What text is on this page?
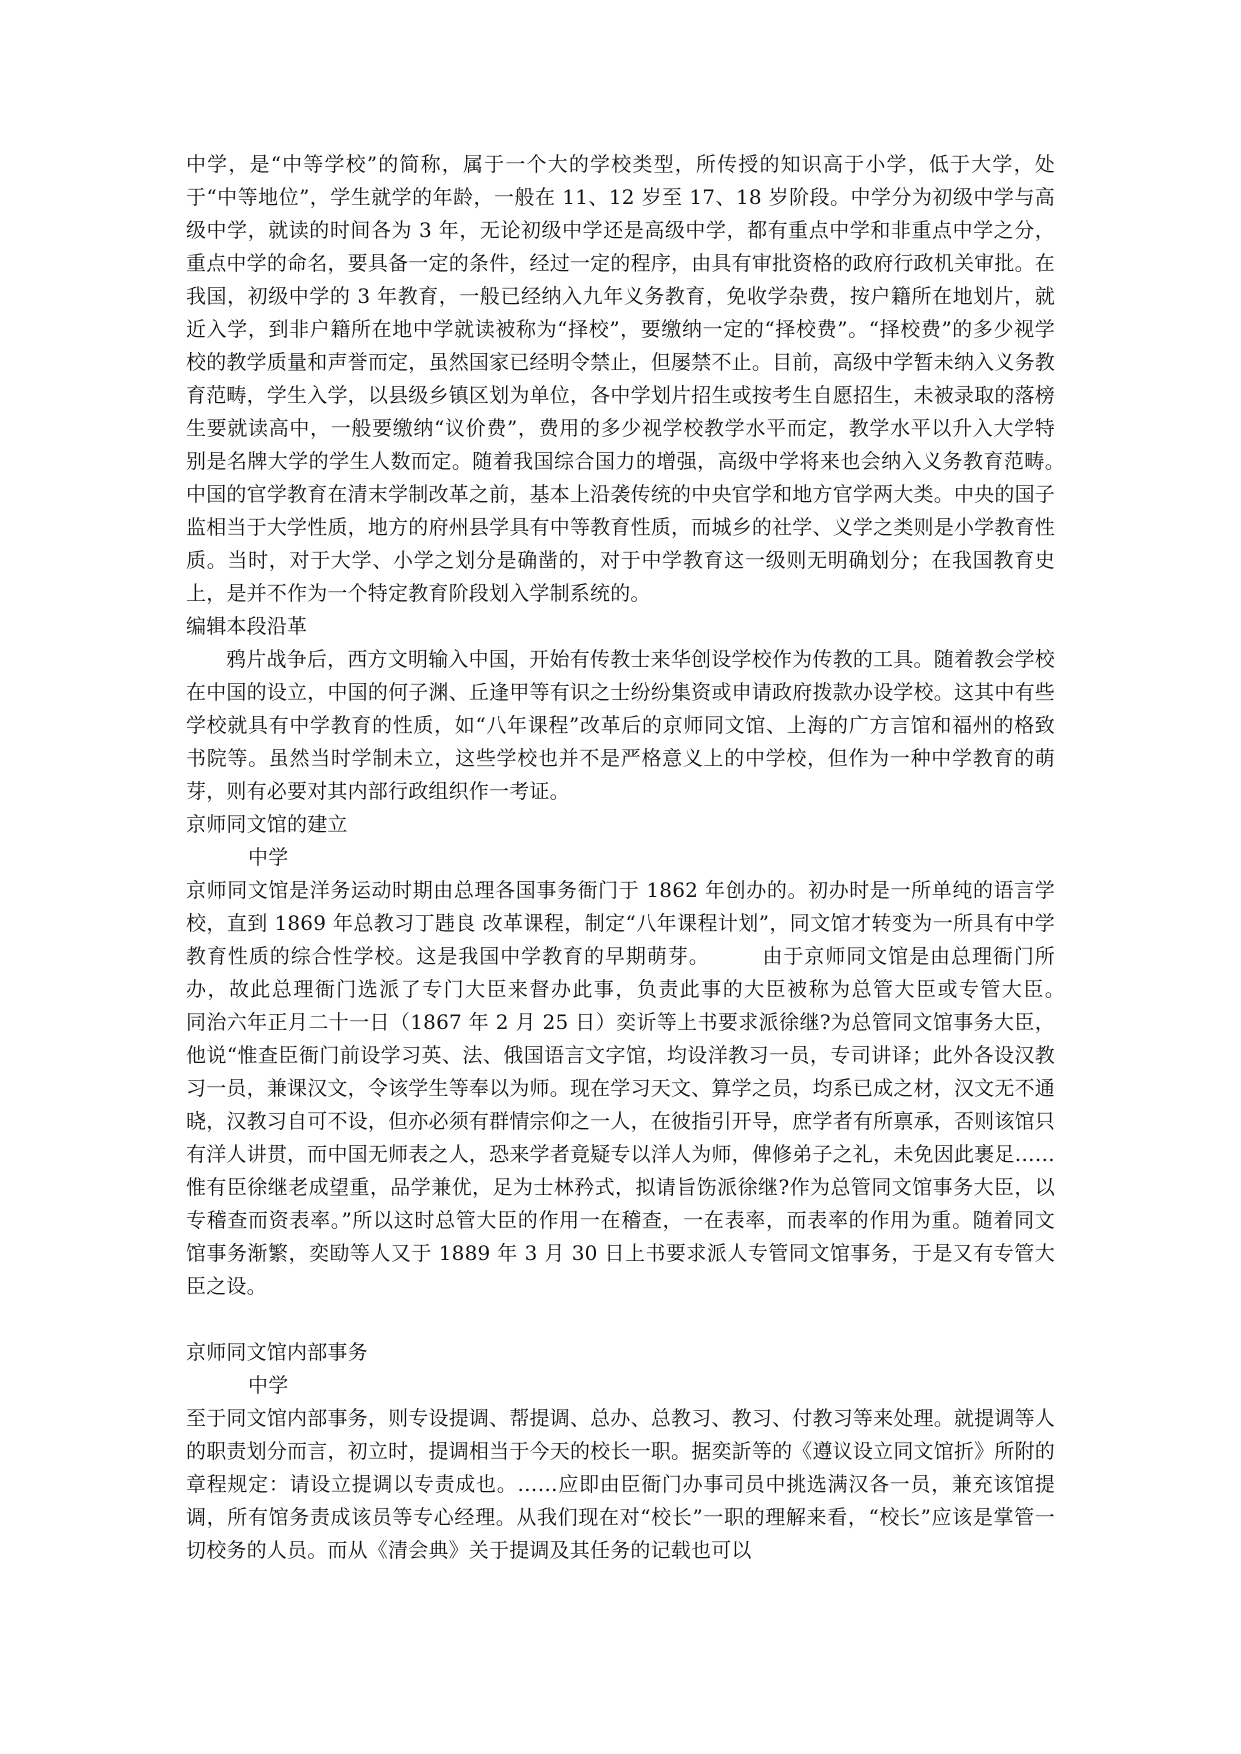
中学，是“中等学校”的简称，属于一个大的学校类型，所传授的知识高于小学，低于大学，处于“中等地位”，学生就学的年龄，一般在 11、12 岁至 17、18 岁阶段。中学分为初级中学与高级中学，就读的时间各为 3 年，无论初级中学还是高级中学，都有重点中学和非重点中学之分，重点中学的命名，要具备一定的条件，经过一定的程序，由具有审批资格的政府行政机关审批。在我国，初级中学的 3 年教育，一般已经纳入九年义务教育，免收学杂费，按户籍所在地划片，就近入学，到非户籍所在地中学就读被称为“择校”，要缴纳一定的“择校费”。“择校费”的多少视学校的教学质量和声誉而定，虽然国家已经明令禁止，但屡禁不止。目前，高级中学暂未纳入义务教育范畴，学生入学，以县级乡镇区划为单位，各中学划片招生或按考生自愿招生，未被录取的落榜生要就读高中，一般要缴纳“议价费”，费用的多少视学校教学水平而定，教学水平以升入大学特别是名牌大学的学生人数而定。随着我国综合国力的增强，高级中学将来也会纳入义务教育范畴。　　　中国的官学教育在清末学制改革之前，基本上沿袭传统的中央官学和地方官学两大类。中央的国子监相当于大学性质，地方的府州县学具有中等教育性质，而城乡的社学、义学之类则是小学教育性质。当时，对于大学、小学之划分是确凿的，对于中学教育这一级则无明确划分；在我国教育史上，是并不作为一个特定教育阶段划入学制系统的。

编辑本段沿革

鸦片战争后，西方文明输入中国，开始有传教士来华创设学校作为传教的工具。随着教会学校在中国的设立，中国的何子渊、丘逢甲等有识之士纷纷集资或申请政府拨款办设学校。这其中有些学校就具有中学教育的性质，如“八年课程”改革后的京师同文馆、上海的广方言馆和福州的格致书院等。虽然当时学制未立，这些学校也并不是严格意义上的中学校，但作为一种中学教育的萌芽，则有必要对其内部行政组织作一考证。

京师同文馆的建立

中学

京师同文馆是洋务运动时期由总理各国事务衙门于 1862 年创办的。初办时是一所单纯的语言学校，直到 1869 年总教习丁韪良 改革课程，制定“八年课程计划”，同文馆才转变为一所具有中学教育性质的综合性学校。这是我国中学教育的早期萌芽。　　　由于京师同文馆是由总理衙门所办，故此总理衙门选派了专门大臣来督办此事，负责此事的大臣被称为总管大臣或专管大臣。　　　同治六年正月二十一日（1867 年 2 月 25 日）奕䜣等上书要求派徐继?为总管同文馆事务大臣，他说“惟查臣衙门前设学习英、法、俄国语言文字馆，均设洋教习一员，专司讲译；此外各设汉教习一员，兼课汉文，令该学生等奉以为师。现在学习天文、算学之员，均系已成之材，汉文无不通晓，汉教习自可不设，但亦必须有群情宗仰之一人，在彼指引开导，庶学者有所禀承，否则该馆只有洋人讲贯，而中国无师表之人，恐来学者竟疑专以洋人为师，俾修弟子之礼，未免因此裹足……惟有臣徐继老成望重，品学兼优，足为士林矜式，拟请旨饬派徐继?作为总管同文馆事务大臣，以专稽查而资表率。”所以这时总管大臣的作用一在稽查，一在表率，而表率的作用为重。随着同文馆事务渐繁，奕劻等人又于 1889 年 3 月 30 日上书要求派人专管同文馆事务，于是又有专管大臣之设。

京师同文馆内部事务

中学

至于同文馆内部事务，则专设提调、帮提调、总办、总教习、教习、付教习等来处理。就提调等人的职责划分而言，初立时，提调相当于今天的校长一职。据奕訢等的《遵议设立同文馆折》所附的章程规定：请设立提调以专责成也。……应即由臣衙门办事司员中挑选满汉各一员，兼充该馆提调，所有馆务责成该员等专心经理。从我们现在对“校长”一职的理解来看，“校长”应该是掌管一切校务的人员。而从《清会典》关于提调及其任务的记载也可以
